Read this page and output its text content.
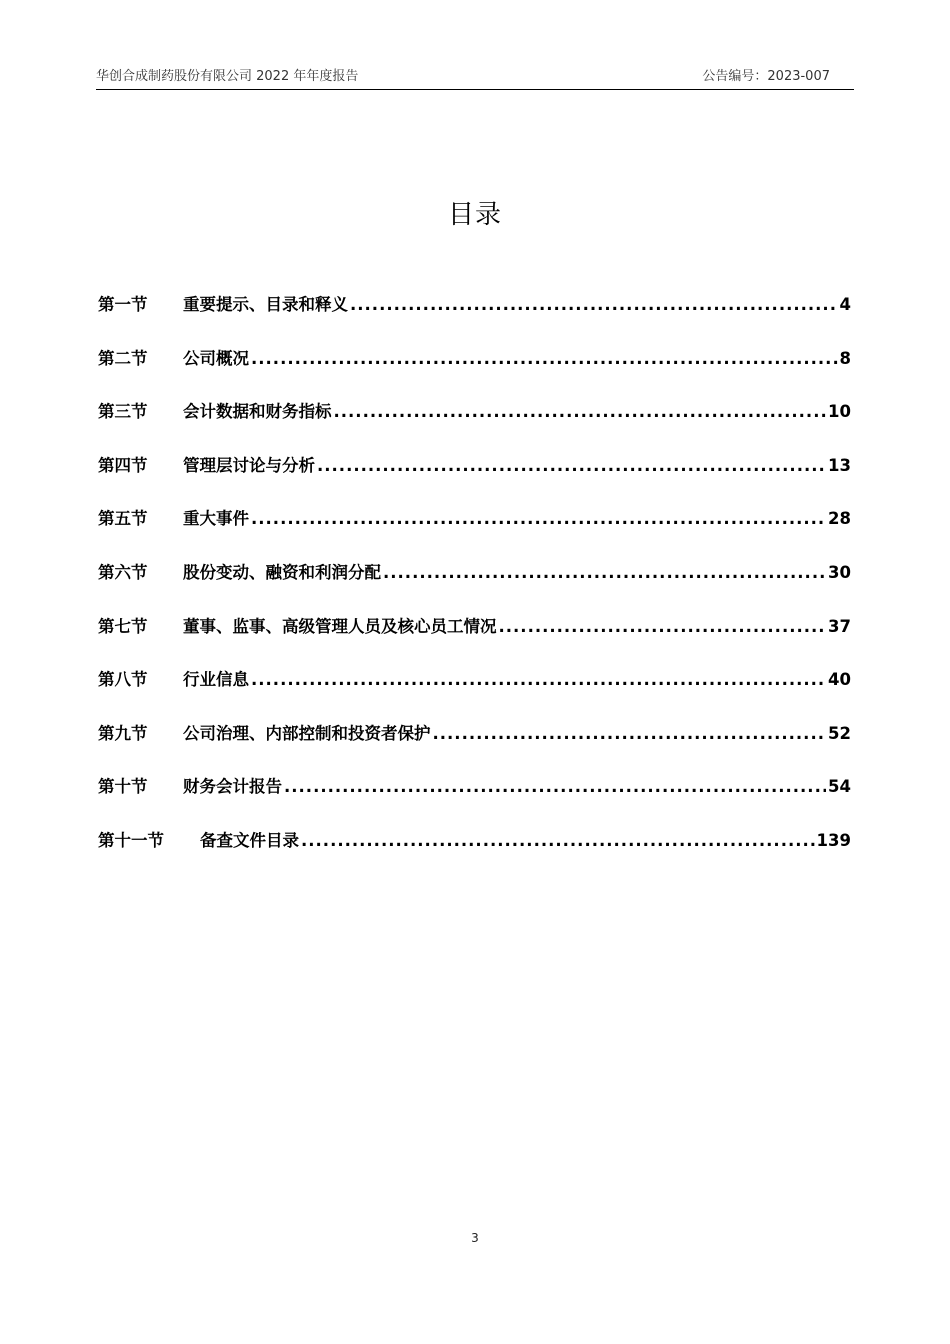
华创合成制药股份有限公司 2022 年年度报告	公告编号：2023-007
目录
第一节	重要提示、目录和释义 .....	4
第二节	公司概况 .....	8
第三节	会计数据和财务指标 .....	10
第四节	管理层讨论与分析 .....	13
第五节	重大事件 .....	28
第六节	股份变动、融资和利润分配 .....	30
第七节	董事、监事、高级管理人员及核心员工情况 .....	37
第八节	行业信息 .....	40
第九节	公司治理、内部控制和投资者保护 .....	52
第十节	财务会计报告 .....	54
第十一节	备查文件目录 .....	139
3
